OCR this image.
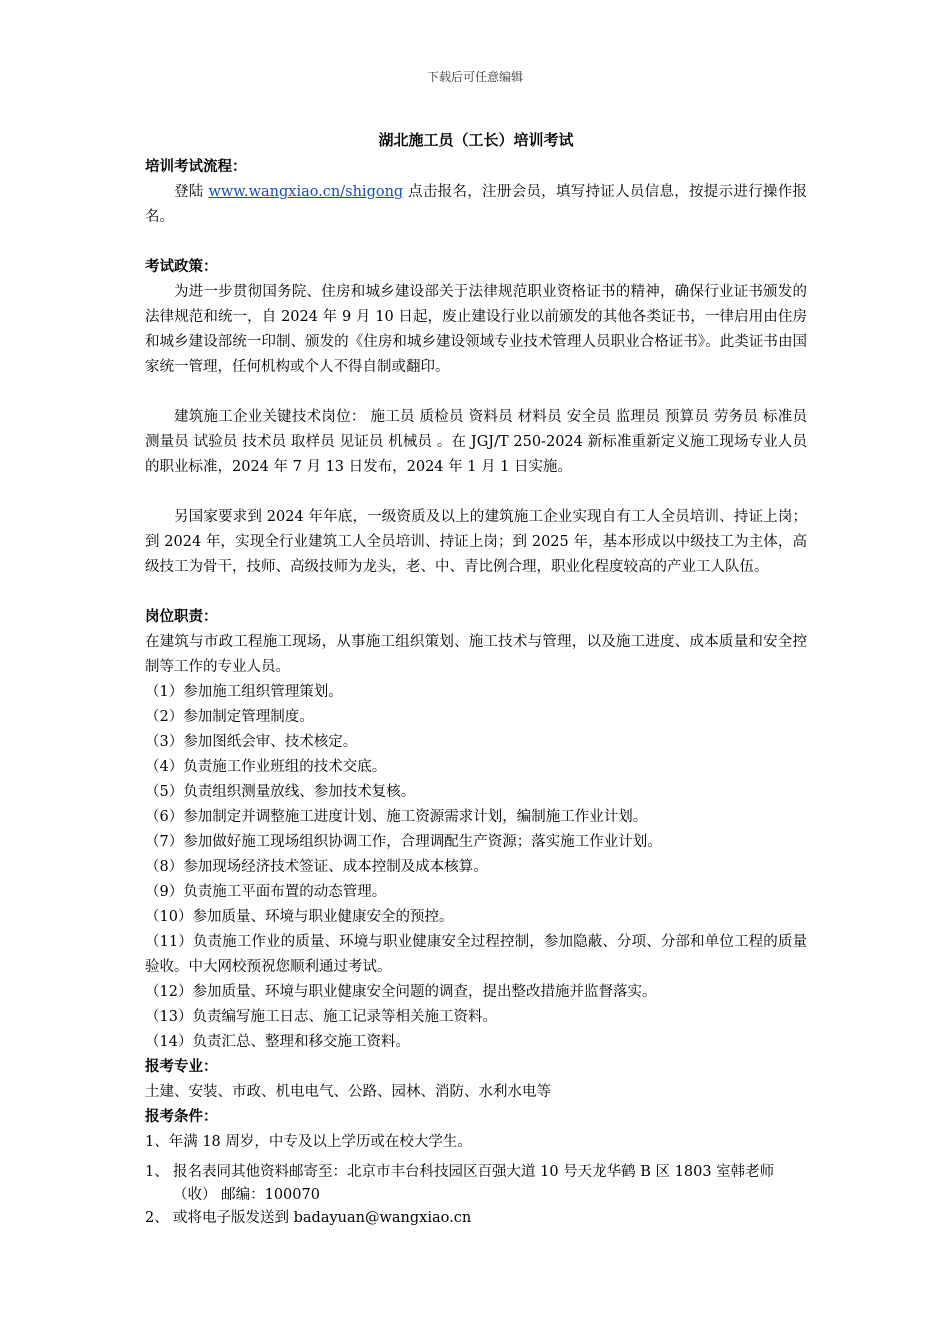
下载后可任意编辑

湖北施工员（工长）培训考试

培训考试流程：

登陆 www.wangxiao.cn/shigong 点击报名，注册会员，填写持证人员信息，按提示进行操作报名。

考试政策：

为进一步贯彻国务院、住房和城乡建设部关于法律规范职业资格证书的精神，确保行业证书颁发的法律规范和统一，自 2024 年 9 月 10 日起，废止建设行业以前颁发的其他各类证书，一律启用由住房和城乡建设部统一印制、颁发的《住房和城乡建设领域专业技术管理人员职业合格证书》。此类证书由国家统一管理，任何机构或个人不得自制或翻印。

建筑施工企业关键技术岗位： 施工员 质检员 资料员 材料员 安全员 监理员 预算员 劳务员 标准员 测量员 试验员 技术员 取样员 见证员 机械员 。在 JGJ/T 250-2024 新标准重新定义施工现场专业人员的职业标准，2024 年 7 月 13 日发布，2024 年 1 月 1 日实施。

另国家要求到 2024 年年底，一级资质及以上的建筑施工企业实现自有工人全员培训、持证上岗；到 2024 年，实现全行业建筑工人全员培训、持证上岗；到 2025 年，基本形成以中级技工为主体，高级技工为骨干，技师、高级技师为龙头，老、中、青比例合理，职业化程度较高的产业工人队伍。

岗位职责：

在建筑与市政工程施工现场，从事施工组织策划、施工技术与管理，以及施工进度、成本质量和安全控制等工作的专业人员。

（1）参加施工组织管理策划。

（2）参加制定管理制度。

（3）参加图纸会审、技术核定。

（4）负责施工作业班组的技术交底。

（5）负责组织测量放线、参加技术复核。

（6）参加制定并调整施工进度计划、施工资源需求计划，编制施工作业计划。

（7）参加做好施工现场组织协调工作，合理调配生产资源；落实施工作业计划。

（8）参加现场经济技术签证、成本控制及成本核算。

（9）负责施工平面布置的动态管理。

（10）参加质量、环境与职业健康安全的预控。

（11）负责施工作业的质量、环境与职业健康安全过程控制，参加隐蔽、分项、分部和单位工程的质量验收。中大网校预祝您顺利通过考试。

（12）参加质量、环境与职业健康安全问题的调查，提出整改措施并监督落实。

（13）负责编写施工日志、施工记录等相关施工资料。

（14）负责汇总、整理和移交施工资料。

报考专业：

土建、安装、市政、机电电气、公路、园林、消防、水利水电等

报考条件：

1、年满 18 周岁，中专及以上学历或在校大学生。

1、 报名表同其他资料邮寄至：北京市丰台科技园区百强大道 10 号天龙华鹤 B 区 1803 室韩老师（收） 邮编：100070
2、 或将电子版发送到 badayuan@wangxiao.cn
